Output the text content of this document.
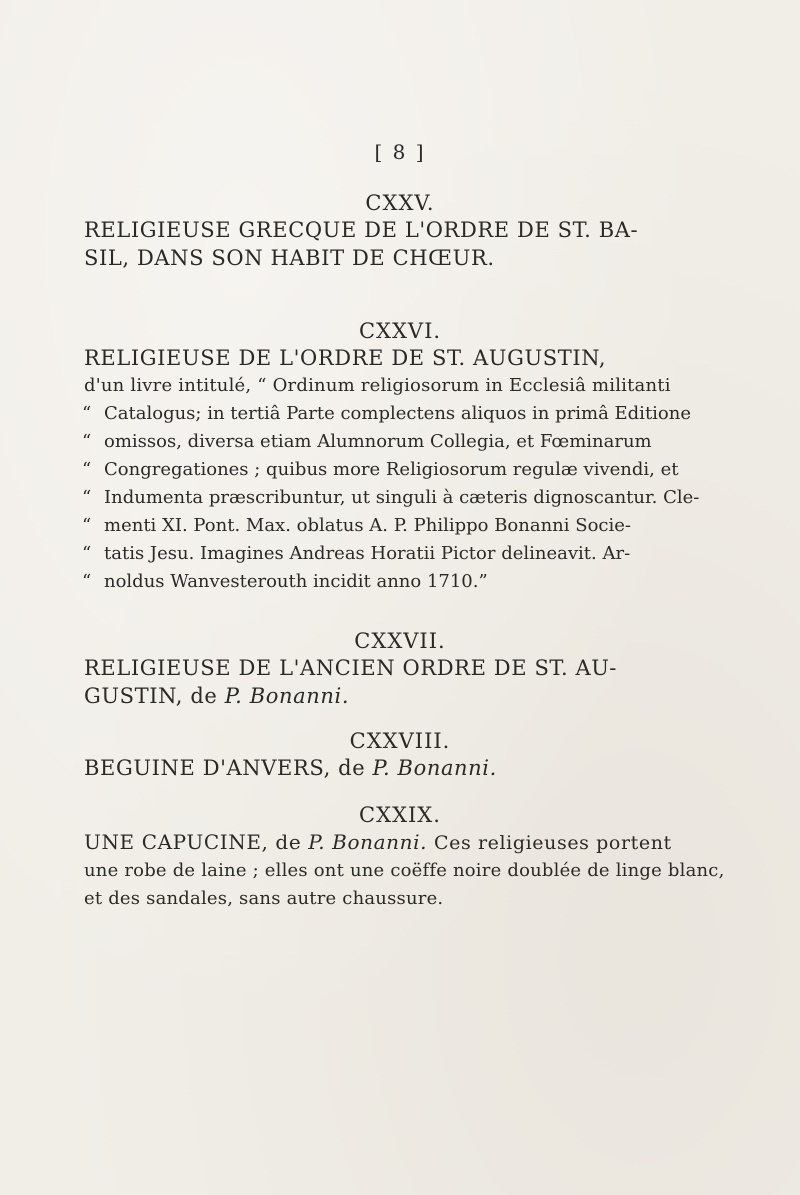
[ 8 ]

CXXV.

RELIGIEUSE GRECQUE DE L'ORDRE DE ST. BA-

SIL, DANS SON HABIT DE CHŒUR.

CXXVI.

RELIGIEUSE DE L'ORDRE DE ST. AUGUSTIN,

d'un livre intitulé, “ Ordinum religiosorum in Ecclesiâ militanti

“ Catalogus; in tertiâ Parte complectens aliquos in primâ Editione

“ omissos, diversa etiam Alumnorum Collegia, et Fœminarum

“ Congregationes ; quibus more Religiosorum regulæ vivendi, et

“ Indumenta præscribuntur, ut singuli à cæteris dignoscantur. Cle-

“ menti XI. Pont. Max. oblatus A. P. Philippo Bonanni Socie-

“ tatis Jesu. Imagines Andreas Horatii Pictor delineavit. Ar-

“ noldus Wanvesterouth incidit anno 1710.”

CXXVII.

RELIGIEUSE DE L'ANCIEN ORDRE DE ST. AU-

GUSTIN, de P. Bonanni.

CXXVIII.

BEGUINE D'ANVERS, de P. Bonanni.

CXXIX.

UNE CAPUCINE, de P. Bonanni. Ces religieuses portent

une robe de laine ; elles ont une coëffe noire doublée de linge blanc,

et des sandales, sans autre chaussure.
